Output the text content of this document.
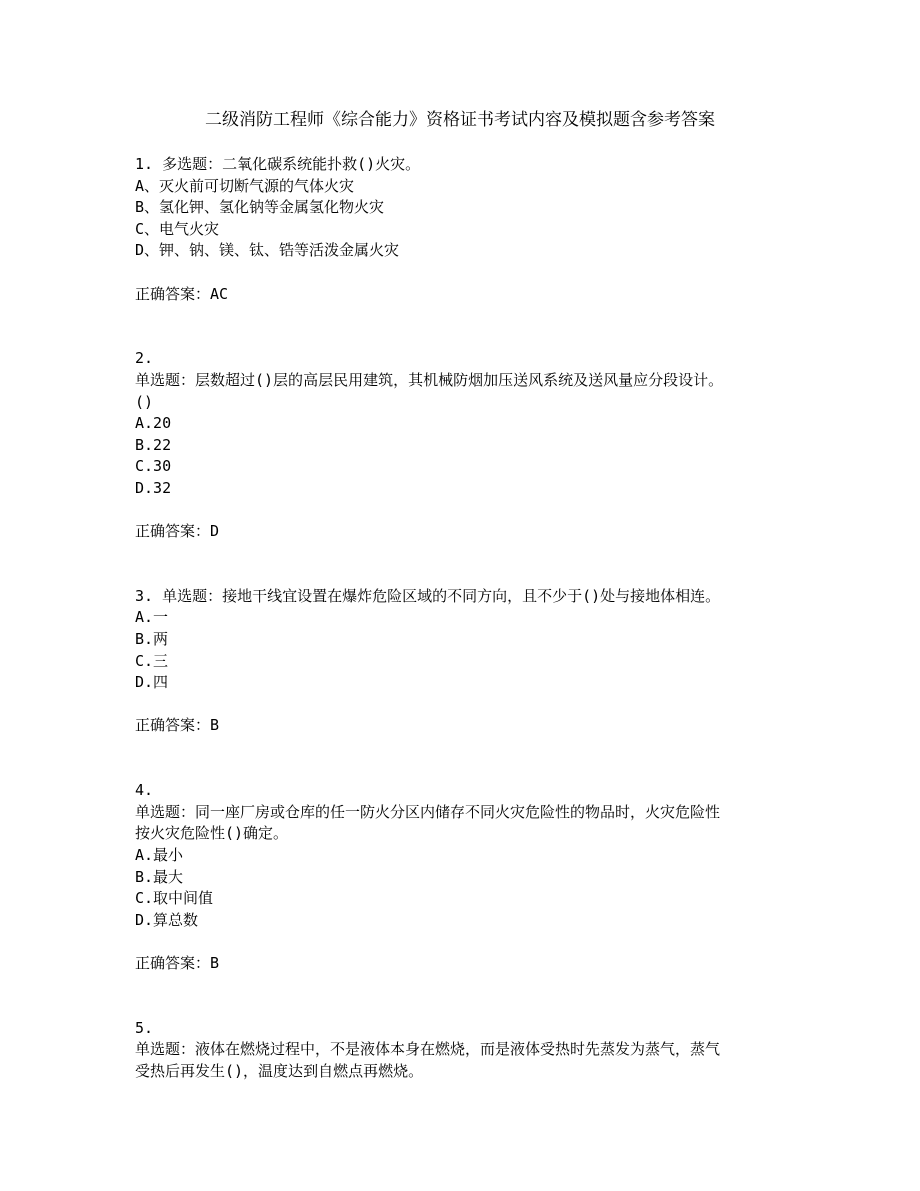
二级消防工程师《综合能力》资格证书考试内容及模拟题含参考答案
1. 多选题：二氧化碳系统能扑救()火灾。
A、灭火前可切断气源的气体火灾
B、氢化钾、氢化钠等金属氢化物火灾
C、电气火灾
D、钾、钠、镁、钛、锆等活泼金属火灾
正确答案：AC
2.
单选题：层数超过()层的高层民用建筑，其机械防烟加压送风系统及送风量应分段设计。
()
A.20
B.22
C.30
D.32
正确答案：D
3. 单选题：接地干线宜设置在爆炸危险区域的不同方向，且不少于()处与接地体相连。
A.一
B.两
C.三
D.四
正确答案：B
4.
单选题：同一座厂房或仓库的任一防火分区内储存不同火灾危险性的物品时，火灾危险性
按火灾危险性()确定。
A.最小
B.最大
C.取中间值
D.算总数
正确答案：B
5.
单选题：液体在燃烧过程中，不是液体本身在燃烧，而是液体受热时先蒸发为蒸气，蒸气
受热后再发生()，温度达到自燃点再燃烧。
